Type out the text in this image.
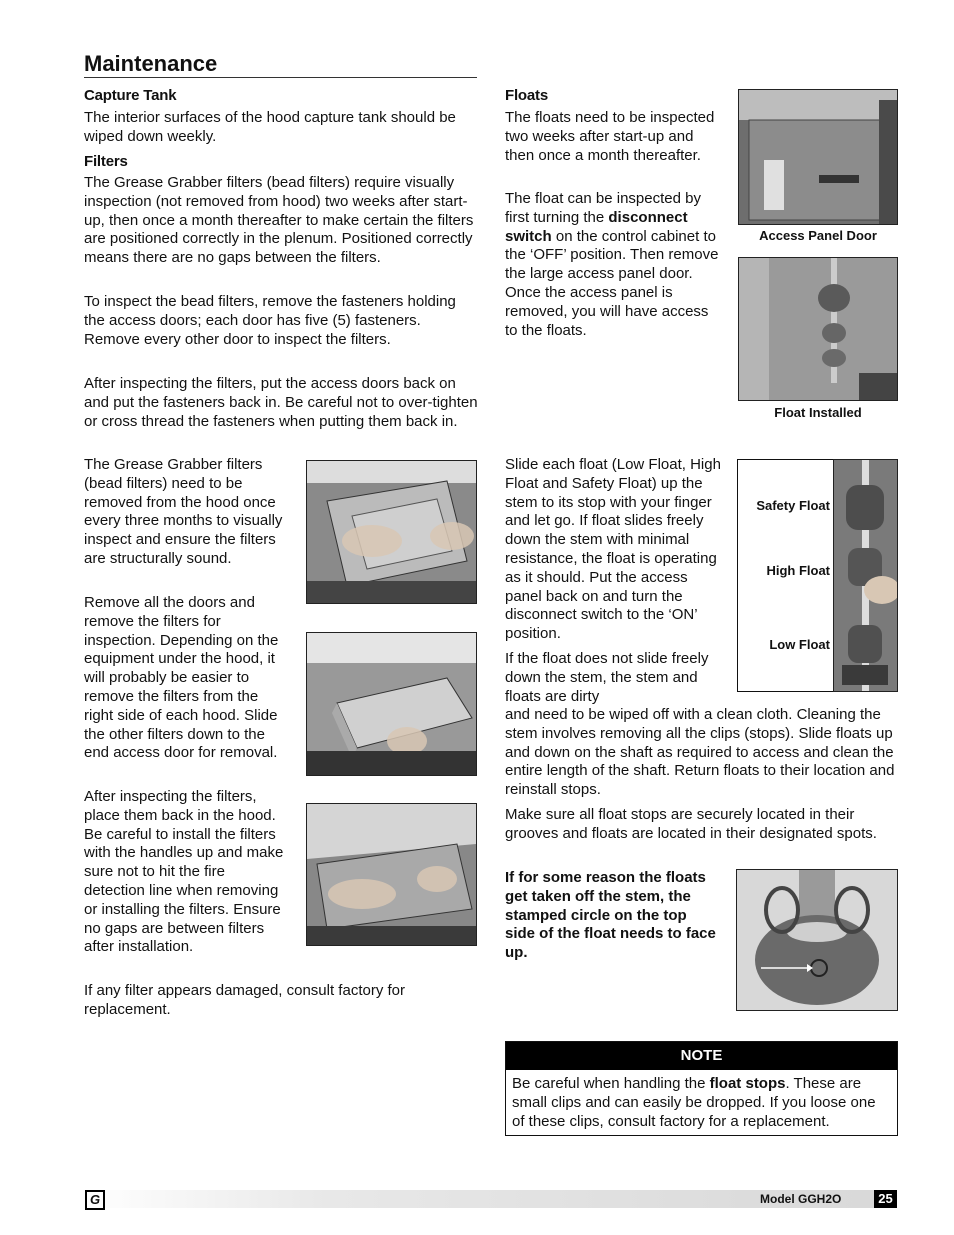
Maintenance
Capture Tank

The interior surfaces of the hood capture tank should be wiped down weekly.

Filters

The Grease Grabber filters (bead filters) require visually inspection (not removed from hood) two weeks after start-up, then once a month thereafter to make certain the filters are positioned correctly in the plenum. Positioned correctly means there are no gaps between the filters.

To inspect the bead filters, remove the fasteners holding the access doors; each door has five (5) fasteners. Remove every other door to inspect the filters.

After inspecting the filters, put the access doors back on and put the fasteners back in. Be careful not to over-tighten or cross thread the fasteners when putting them back in.

The Grease Grabber filters (bead filters) need to be removed from the hood once every three months to visually inspect and ensure the filters are structurally sound.

Remove all the doors and remove the filters for inspection. Depending on the equipment under the hood, it will probably be easier to remove the filters from the right side of each hood. Slide the other filters down to the end access door for removal.

After inspecting the filters, place them back in the hood. Be careful to install the filters with the handles up and make sure not to hit the fire detection line when removing or installing the filters. Ensure no gaps are between filters after installation.

If any filter appears damaged, consult factory for replacement.

Floats

The floats need to be inspected two weeks after start-up and then once a month thereafter.

The float can be inspected by first turning the disconnect switch on the control cabinet to the ‘OFF’ position. Then remove the large access panel door. Once the access panel is removed, you will have access to the floats.

Access Panel Door
Float Installed

Slide each float (Low Float, High Float and Safety Float) up the stem to its stop with your finger and let go. If float slides freely down the stem with minimal resistance, the float is operating as it should. Put the access panel back on and turn the disconnect switch to the ‘ON’ position.

If the float does not slide freely down the stem, the stem and floats are dirty

and need to be wiped off with a clean cloth. Cleaning the stem involves removing all the clips (stops). Slide floats up and down on the shaft as required to access and clean the entire length of the shaft. Return floats to their location and reinstall stops.

Make sure all float stops are securely located in their grooves and floats are located in their designated spots.

If for some reason the floats get taken off the stem, the stamped circle on the top side of the float needs to face up.

Safety Float
High Float
Low Float
NOTE
Be careful when handling the float stops. These are small clips and can easily be dropped. If you loose one of these clips, consult factory for a replacement.
G	Model GGH2O	25
